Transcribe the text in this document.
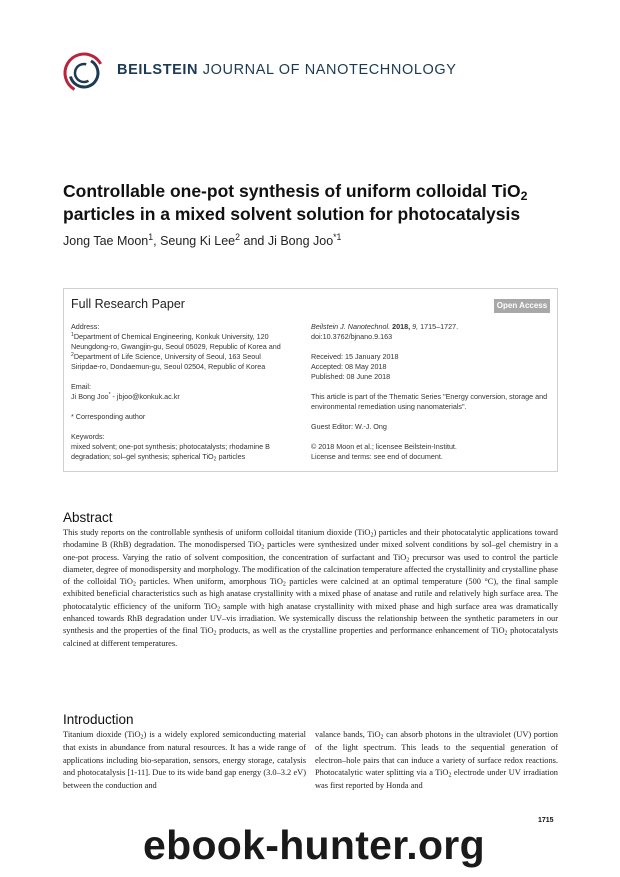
BEILSTEIN JOURNAL OF NANOTECHNOLOGY
Controllable one-pot synthesis of uniform colloidal TiO$_2$
particles in a mixed solvent solution for photocatalysis
Jong Tae Moon$^1$, Seung Ki Lee$^2$ and Ji Bong Joo$^{*1}$
Full Research Paper	Open Access
Address:
$^1$Department of Chemical Engineering, Konkuk University, 120 Neungdong-ro, Gwangjin-gu, Seoul 05029, Republic of Korea and
$^2$Department of Life Science, University of Seoul, 163 Seoul Siripdae-ro, Dondaemun-gu, Seoul 02504, Republic of Korea
Email:
Ji Bong Joo* - jbjoo@konkuk.ac.kr
* Corresponding author
Keywords:
mixed solvent; one-pot synthesis; photocatalysts; rhodamine B degradation; sol–gel synthesis; spherical TiO$_2$ particles
Beilstein J. Nanotechnol. 2018, 9, 1715–1727.
doi:10.3762/bjnano.9.163
Received: 15 January 2018
Accepted: 08 May 2018
Published: 08 June 2018
This article is part of the Thematic Series "Energy conversion, storage and environmental remediation using nanomaterials".
Guest Editor: W.-J. Ong
© 2018 Moon et al.; licensee Beilstein-Institut.
License and terms: see end of document.
Abstract
This study reports on the controllable synthesis of uniform colloidal titanium dioxide (TiO$_2$) particles and their photocatalytic applications toward rhodamine B (RhB) degradation. The monodispersed TiO$_2$ particles were synthesized under mixed solvent conditions by sol–gel chemistry in a one-pot process. Varying the ratio of solvent composition, the concentration of surfactant and TiO$_2$ precursor was used to control the particle diameter, degree of monodispersity and morphology. The modification of the calcination temperature affected the crystallinity and crystalline phase of the colloidal TiO$_2$ particles. When uniform, amorphous TiO$_2$ particles were calcined at an optimal temperature (500 °C), the final sample exhibited beneficial characteristics such as high anatase crystallinity with a mixed phase of anatase and rutile and relatively high surface area. The photocatalytic efficiency of the uniform TiO$_2$ sample with high anatase crystallinity with mixed phase and high surface area was dramatically enhanced towards RhB degradation under UV–vis irradiation. We systemically discuss the relationship between the synthetic parameters in our synthesis and the properties of the final TiO$_2$ products, as well as the crystalline properties and performance enhancement of TiO$_2$ photocatalysts calcined at different temperatures.
Introduction
Titanium dioxide (TiO$_2$) is a widely explored semiconducting material that exists in abundance from natural resources. It has a wide range of applications including bio-separation, sensors, energy storage, catalysis and photocatalysis [1-11]. Due to its wide band gap energy (3.0–3.2 eV) between the conduction and
valance bands, TiO$_2$ can absorb photons in the ultraviolet (UV) portion of the light spectrum. This leads to the sequential generation of electron–hole pairs that can induce a variety of surface redox reactions. Photocatalytic water splitting via a TiO$_2$ electrode under UV irradiation was first reported by Honda and
1715
ebook-hunter.org
